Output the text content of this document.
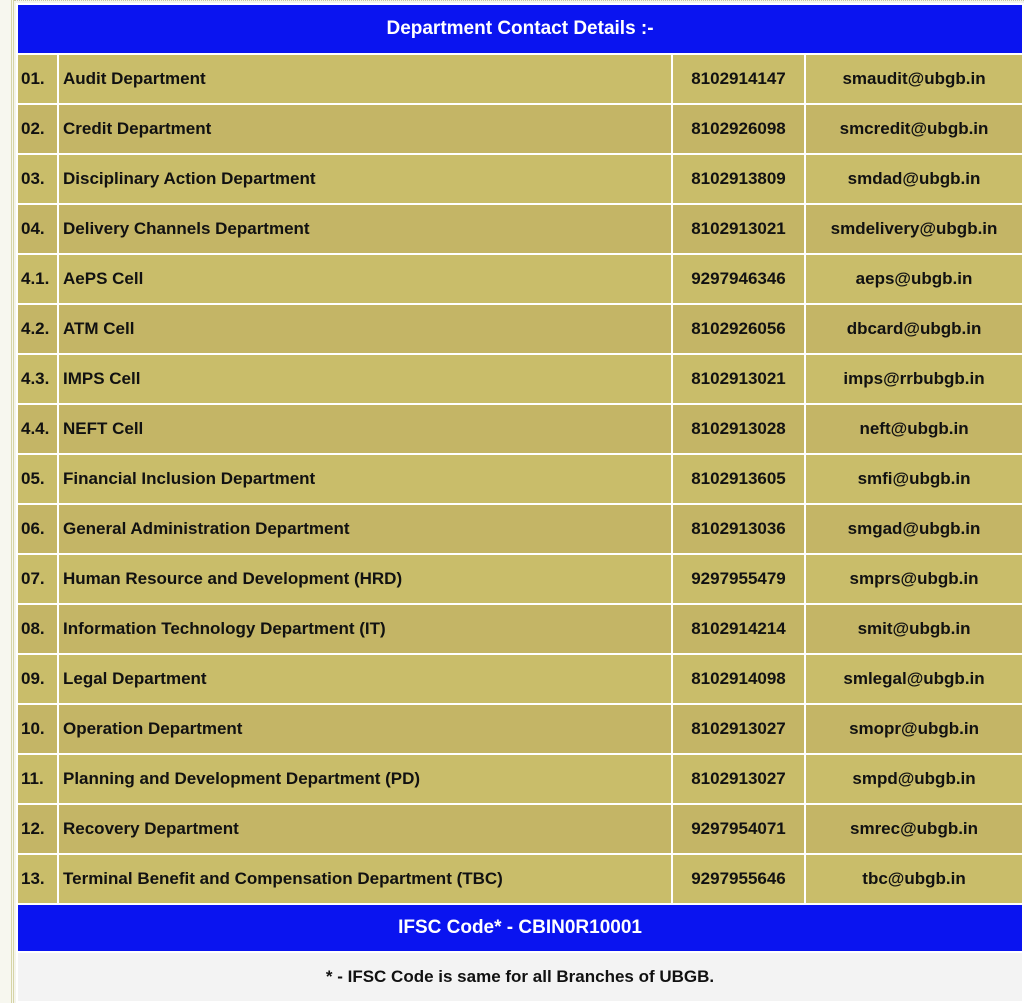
Department Contact Details :-			
01.	Audit Department	8102914147	smaudit@ubgb.in
02.	Credit Department	8102926098	smcredit@ubgb.in
03.	Disciplinary Action Department	8102913809	smdad@ubgb.in
04.	Delivery Channels Department	8102913021	smdelivery@ubgb.in
4.1.	AePS Cell	9297946346	aeps@ubgb.in
4.2.	ATM Cell	8102926056	dbcard@ubgb.in
4.3.	IMPS Cell	8102913021	imps@rrbubgb.in
4.4.	NEFT Cell	8102913028	neft@ubgb.in
05.	Financial Inclusion Department	8102913605	smfi@ubgb.in
06.	General Administration Department	8102913036	smgad@ubgb.in
07.	Human Resource and Development (HRD)	9297955479	smprs@ubgb.in
08.	Information Technology Department (IT)	8102914214	smit@ubgb.in
09.	Legal Department	8102914098	smlegal@ubgb.in
10.	Operation Department	8102913027	smopr@ubgb.in
11.	Planning and Development Department (PD)	8102913027	smpd@ubgb.in
12.	Recovery Department	9297954071	smrec@ubgb.in
13.	Terminal Benefit and Compensation Department (TBC)	9297955646	tbc@ubgb.in
IFSC Code* - CBIN0R10001			
* - IFSC Code is same for all Branches of UBGB.			
